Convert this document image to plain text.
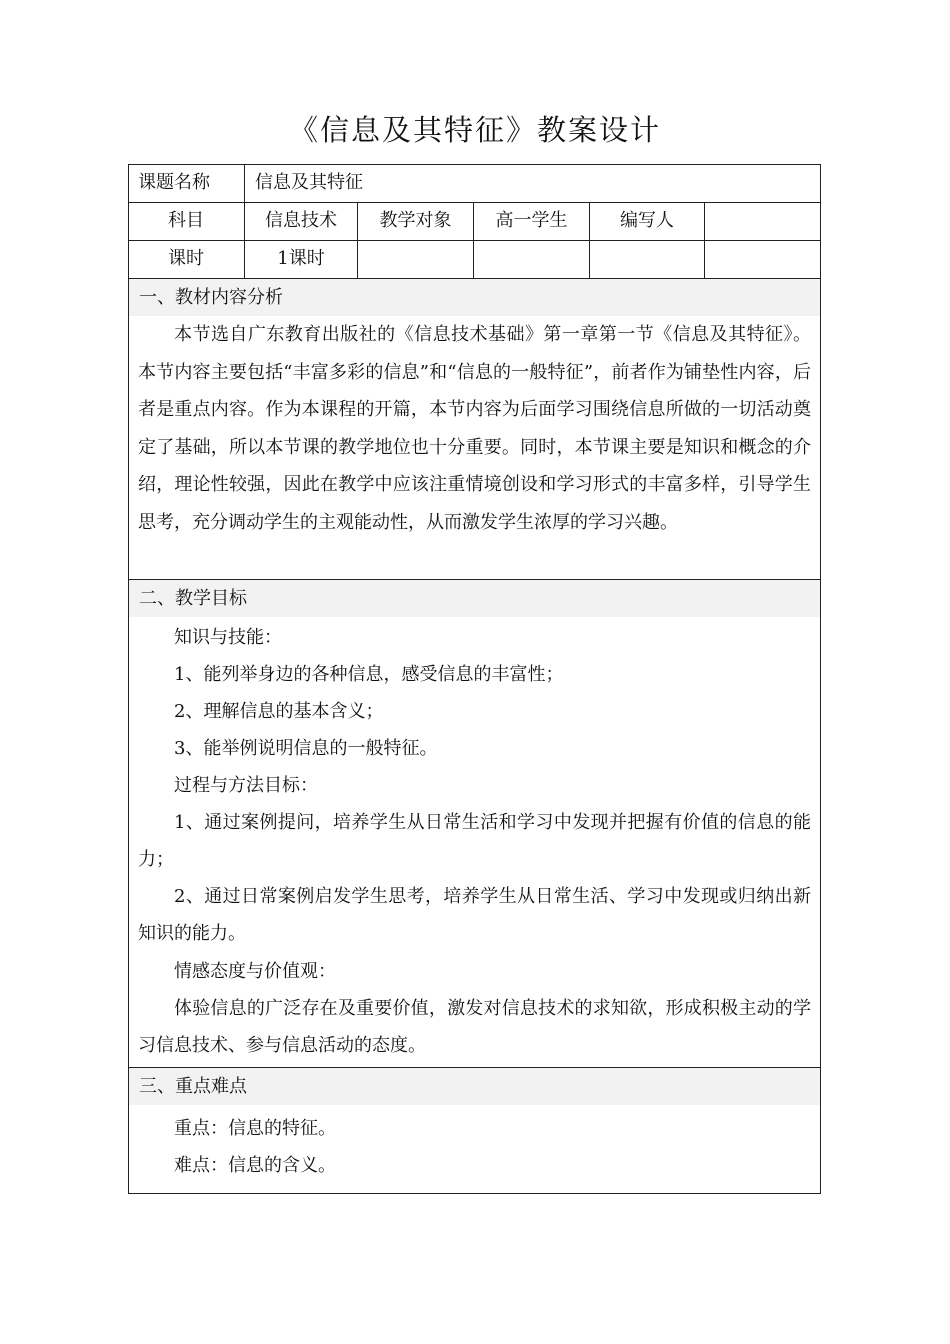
《信息及其特征》教案设计
课题名称	信息及其特征
科目	信息技术	教学对象	高一学生	编写人
课时	1课时
一、教材内容分析
本节选自广东教育出版社的《信息技术基础》第一章第一节《信息及其特征》。本节内容主要包括“丰富多彩的信息”和“信息的一般特征”，前者作为铺垫性内容，后者是重点内容。作为本课程的开篇，本节内容为后面学习围绕信息所做的一切活动奠定了基础，所以本节课的教学地位也十分重要。同时，本节课主要是知识和概念的介绍，理论性较强，因此在教学中应该注重情境创设和学习形式的丰富多样，引导学生思考，充分调动学生的主观能动性，从而激发学生浓厚的学习兴趣。
二、教学目标
知识与技能：
1、能列举身边的各种信息，感受信息的丰富性；
2、理解信息的基本含义；
3、能举例说明信息的一般特征。
过程与方法目标：
1、通过案例提问，培养学生从日常生活和学习中发现并把握有价值的信息的能力；
2、通过日常案例启发学生思考，培养学生从日常生活、学习中发现或归纳出新知识的能力。
情感态度与价值观：
体验信息的广泛存在及重要价值，激发对信息技术的求知欲，形成积极主动的学习信息技术、参与信息活动的态度。
三、重点难点
重点：信息的特征。
难点：信息的含义。
